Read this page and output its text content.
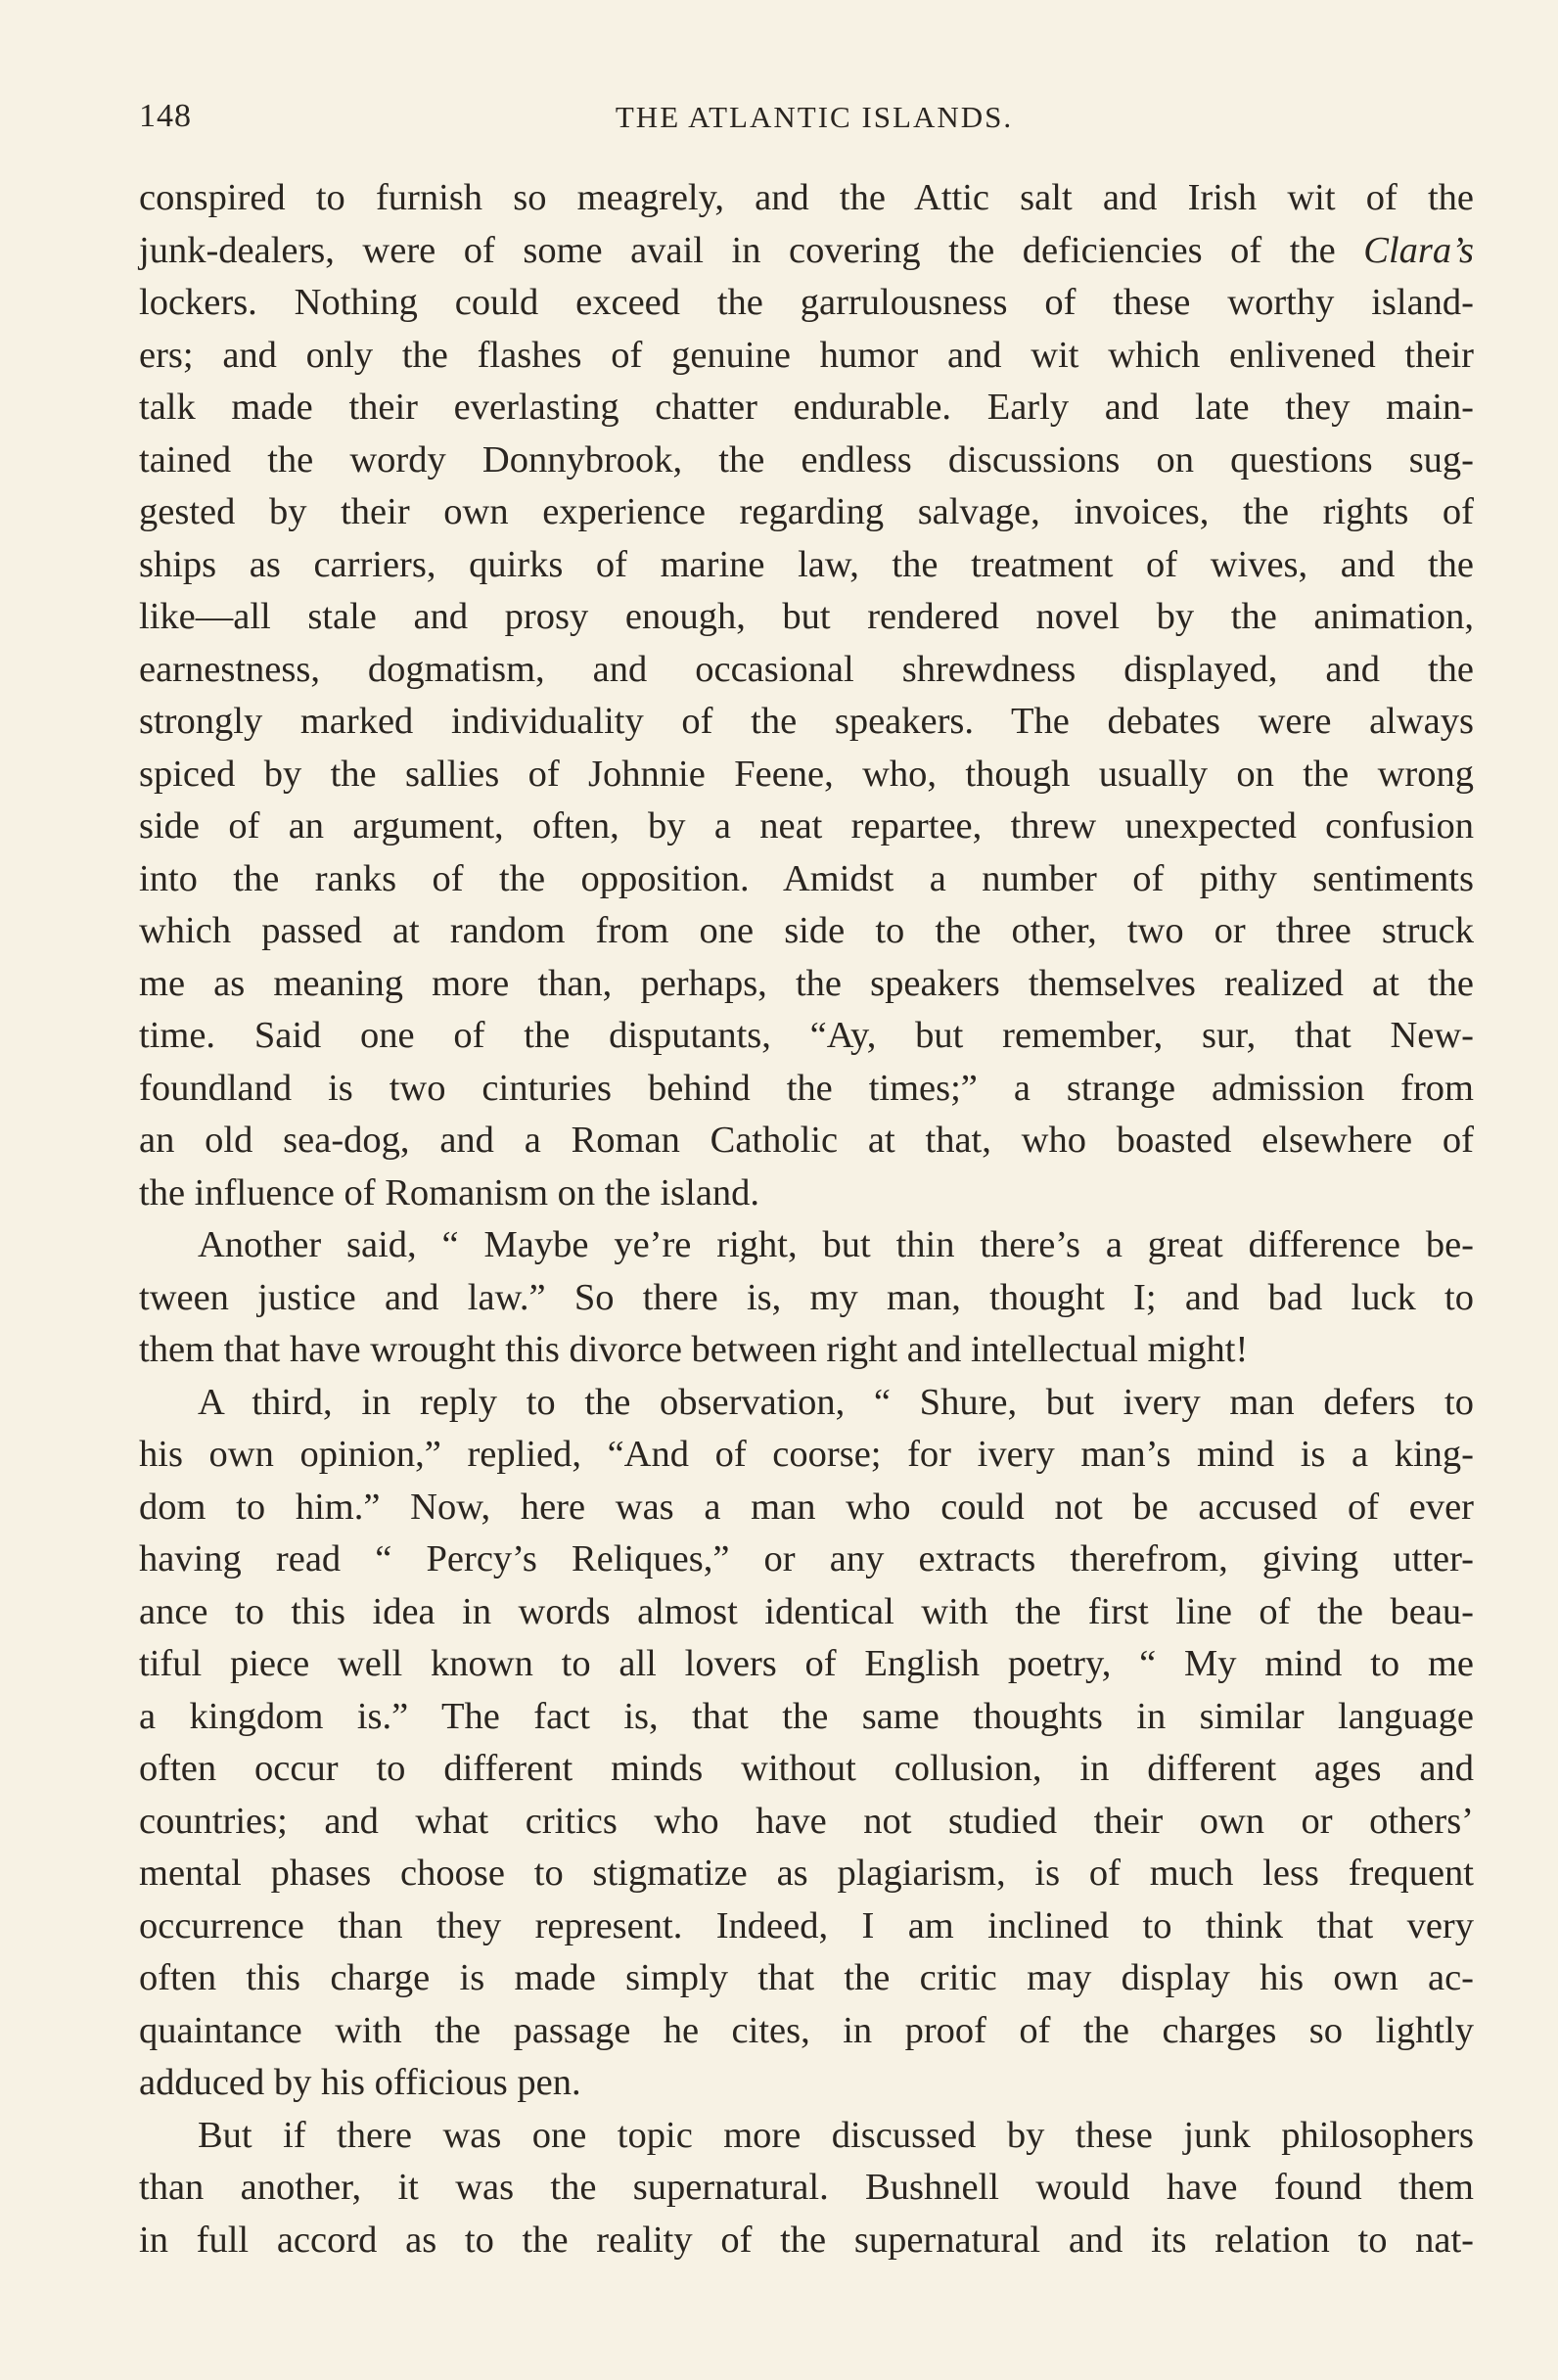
148	THE ATLANTIC ISLANDS.
conspired to furnish so meagrely, and the Attic salt and Irish wit of the
junk-dealers, were of some avail in covering the deficiencies of the Clara’s
lockers. Nothing could exceed the garrulousness of these worthy island-
ers; and only the flashes of genuine humor and wit which enlivened their
talk made their everlasting chatter endurable. Early and late they main-
tained the wordy Donnybrook, the endless discussions on questions sug-
gested by their own experience regarding salvage, invoices, the rights of
ships as carriers, quirks of marine law, the treatment of wives, and the
like—all stale and prosy enough, but rendered novel by the animation,
earnestness, dogmatism, and occasional shrewdness displayed, and the
strongly marked individuality of the speakers. The debates were always
spiced by the sallies of Johnnie Feene, who, though usually on the wrong
side of an argument, often, by a neat repartee, threw unexpected confusion
into the ranks of the opposition. Amidst a number of pithy sentiments
which passed at random from one side to the other, two or three struck
me as meaning more than, perhaps, the speakers themselves realized at the
time. Said one of the disputants, “Ay, but remember, sur, that New-
foundland is two cinturies behind the times;” a strange admission from
an old sea-dog, and a Roman Catholic at that, who boasted elsewhere of
the influence of Romanism on the island.
Another said, “ Maybe ye’re right, but thin there’s a great difference be-
tween justice and law.” So there is, my man, thought I; and bad luck to
them that have wrought this divorce between right and intellectual might!
A third, in reply to the observation, “ Shure, but ivery man defers to
his own opinion,” replied, “And of coorse; for ivery man’s mind is a king-
dom to him.” Now, here was a man who could not be accused of ever
having read “ Percy’s Reliques,” or any extracts therefrom, giving utter-
ance to this idea in words almost identical with the first line of the beau-
tiful piece well known to all lovers of English poetry, “ My mind to me
a kingdom is.” The fact is, that the same thoughts in similar language
often occur to different minds without collusion, in different ages and
countries; and what critics who have not studied their own or others’
mental phases choose to stigmatize as plagiarism, is of much less frequent
occurrence than they represent. Indeed, I am inclined to think that very
often this charge is made simply that the critic may display his own ac-
quaintance with the passage he cites, in proof of the charges so lightly
adduced by his officious pen.
But if there was one topic more discussed by these junk philosophers
than another, it was the supernatural. Bushnell would have found them
in full accord as to the reality of the supernatural and its relation to nat-
